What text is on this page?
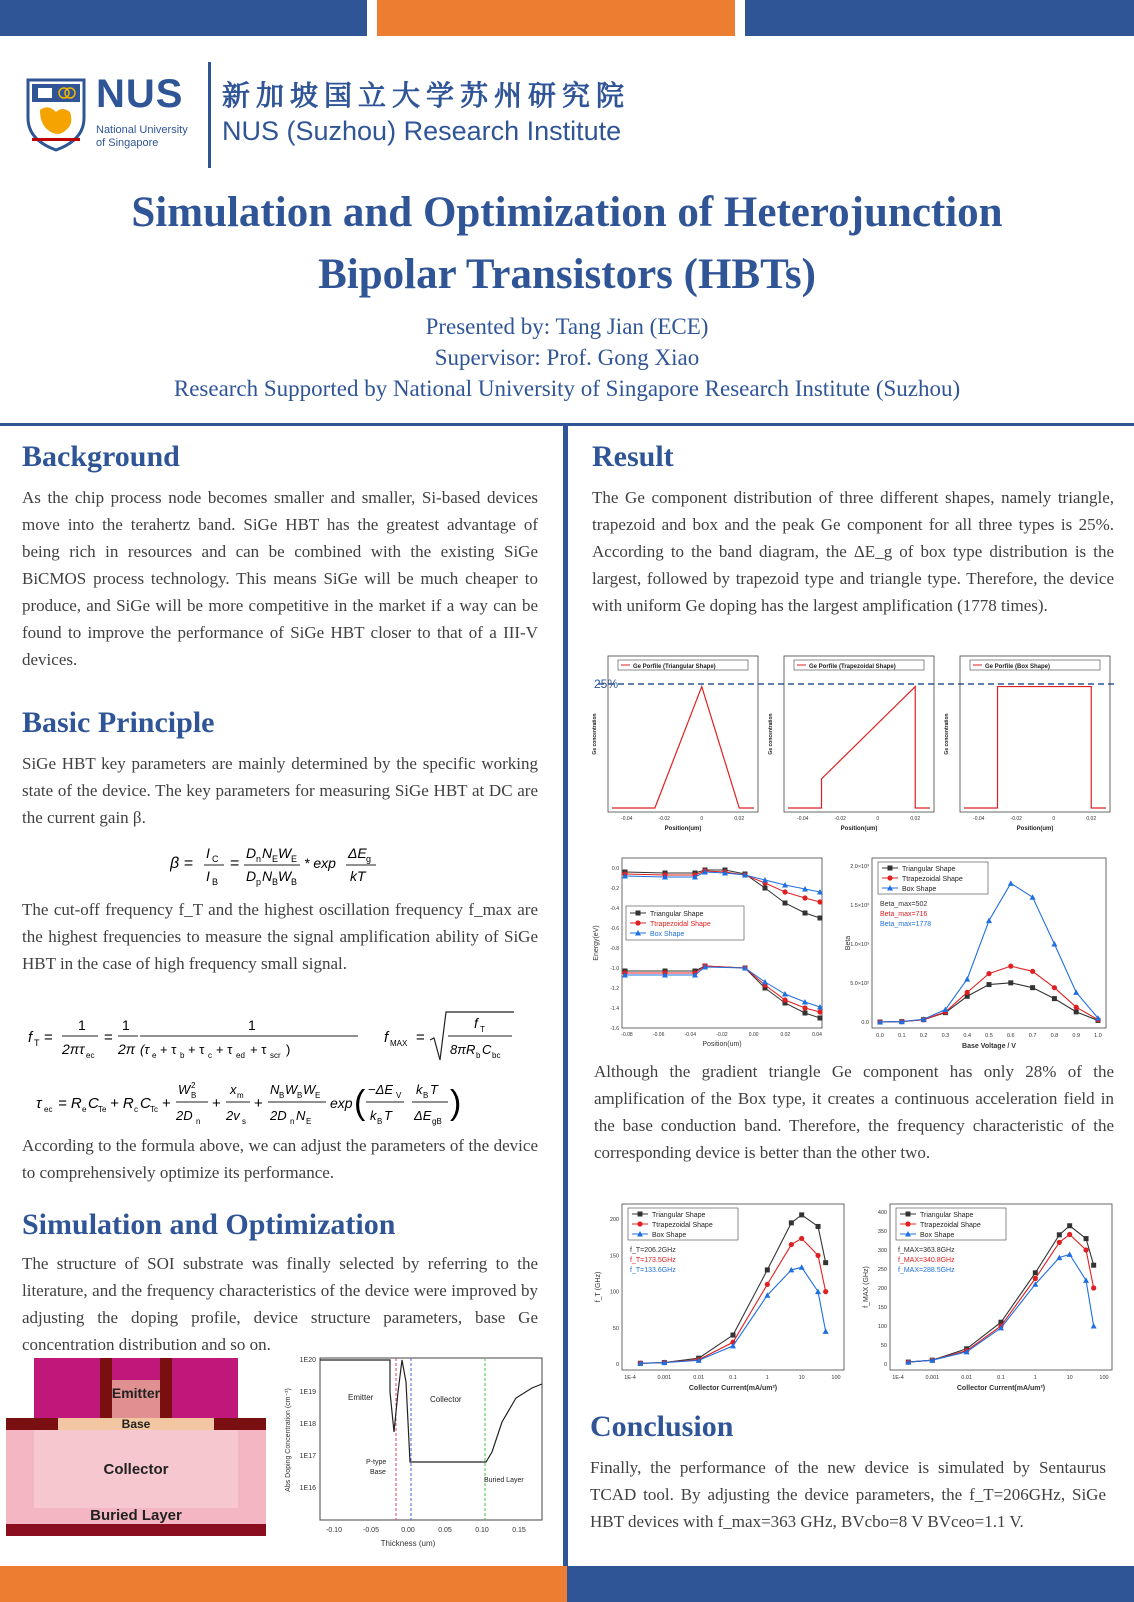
NUS
National University
of Singapore
新加坡国立大学苏州研究院
NUS (Suzhou) Research Institute
Simulation and Optimization of Heterojunction
Bipolar Transistors (HBTs)
Presented by: Tang Jian (ECE)
Supervisor: Prof. Gong Xiao
Research Supported by National University of Singapore Research Institute (Suzhou)
Background
As the chip process node becomes smaller and smaller, Si-based devices move into the terahertz band. SiGe HBT has the greatest advantage of being rich in resources and can be combined with the existing SiGe BiCMOS process technology. This means SiGe will be much cheaper to produce, and SiGe will be more competitive in the market if a way can be found to improve the performance of SiGe HBT closer to that of a III-V devices.
Basic Principle
SiGe HBT key parameters are mainly determined by the specific working state of the device. The key parameters for measuring SiGe HBT at DC are the current gain β.
β =
I C
I B
=
D n N E W E
D p N B W B
* exp
ΔE g
kT
The cut-off frequency f_T and the highest oscillation frequency f_max are the highest frequencies to measure the signal amplification ability of SiGe HBT in the case of high frequency small signal.
f T =
1
2πτ ec
=
1
2π
1
(τ e + τ b + τ c + τ ed + τ scr )
f MAX =
f T
8πR b C bc
τ ec = R e C Te + R c C Tc +
W 2
B
2D n
+
x m
2v s
+
N B W B W E
2D n N E
exp ( −ΔE V
k B T
k B T
ΔE gB )
According to the formula above, we can adjust the parameters of the device to comprehensively optimize its performance.
Simulation and Optimization
The structure of SOI substrate was finally selected by referring to the literature, and the frequency characteristics of the device were improved by adjusting the doping profile, device structure parameters, base Ge concentration distribution and so on.
Emitter
Base
Collector
Buried Layer
1E20
1E19
1E18
1E17
1E16
-0.10	-0.05	0.00	0.05	0.10	0.15
Thickness (um)
Abs Doping Concentration (cm⁻³)	Emitter	Collector
P-type
Base
Buried Layer
Result
The Ge component distribution of three different shapes, namely triangle, trapezoid and box and the peak Ge component for all three types is 25%. According to the band diagram, the ΔE_g of box type distribution is the largest, followed by trapezoid type and triangle type. Therefore, the device with uniform Ge doping has the largest amplification (1778 times).
25%
Ge Porfile (Triangular Shape)
Position(um)
Ge concentration
-0.04	-0.02	0	0.02
Ge Porfile (Trapezoidal Shape)
Position(um)
Ge concentration
-0.04	-0.02	0	0.02
Ge Porfile (Box Shape)
Position(um)
Ge concentration
-0.04	-0.02	0	0.02
Energy(eV)
Position(um)
0.0
-0.2
-0.4
-0.6
-0.8
-1.0
-1.2
-1.4
-1.6
-0.08	-0.06	-0.04	-0.02	0.00	0.02	0.04
Triangular Shape
Ttrapezoidal Shape
Box Shape
Beta
Base Voltage / V
0.0
5.0×10²
1.0×10³
1.5×10³
2.0×10³
0.0	0.1	0.2	0.3	0.4	0.5	0.6	0.7	0.8	0.9	1.0
Triangular Shape
Ttrapezoidal Shape
Box Shape
Beta_max=502
Beta_max=716
Beta_max=1778
Although the gradient triangle Ge component has only 28% of the amplification of the Box type, it creates a continuous acceleration field in the base conduction band. Therefore, the frequency characteristic of the corresponding device is better than the other two.
f_T (GHz)
Collector Current(mA/um²)
0
50
100
150
200
1E-4	0.001	0.01	0.1	1	10	100
Triangular Shape
Ttrapezoidal Shape
Box Shape
f_T=206.2GHz
f_T=173.5GHz
f_T=133.6GHz	f_MAX (GHz)
Collector Current(mA/um²)
0
50
100
150
200
250
300
350
400
1E-4	0.001	0.01	0.1	1	10	100
Triangular Shape
Ttrapezoidal Shape
Box Shape
f_MAX=363.8GHz
f_MAX=340.8GHz
f_MAX=288.5GHz
Conclusion
Finally, the performance of the new device is simulated by Sentaurus TCAD tool. By adjusting the device parameters, the f_T=206GHz, SiGe HBT devices with f_max=363 GHz, BVcbo=8 V BVceo=1.1 V.
